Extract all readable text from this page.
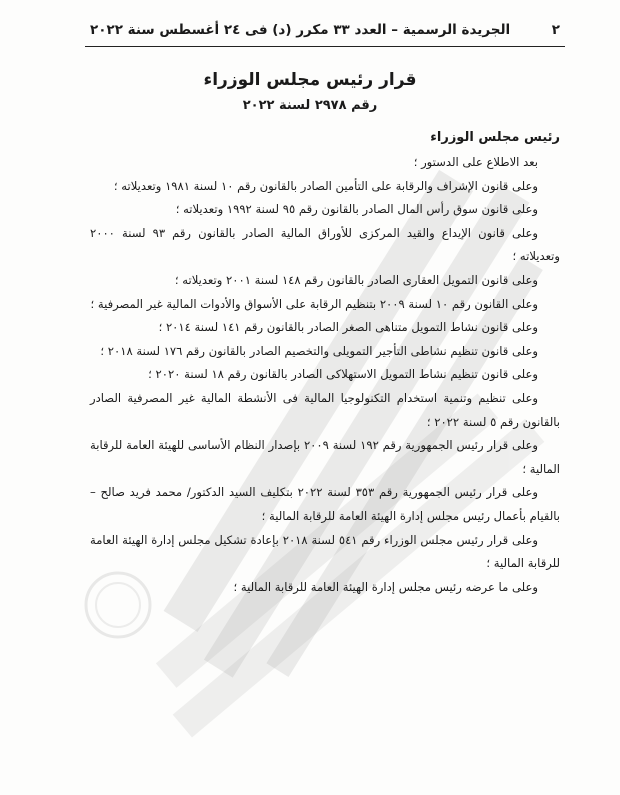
٢
الجريدة الرسمية – العدد ٣٣ مكرر (د) فى ٢٤ أغسطس سنة ٢٠٢٢
قرار رئيس مجلس الوزراء
رقم ٢٩٧٨ لسنة ٢٠٢٢
رئيس مجلس الوزراء

بعد الاطلاع على الدستور ؛

وعلى قانون الإشراف والرقابة على التأمين الصادر بالقانون رقم ١٠ لسنة ١٩٨١ وتعديلاته ؛

وعلى قانون سوق رأس المال الصادر بالقانون رقم ٩٥ لسنة ١٩٩٢ وتعديلاته ؛

وعلى قانون الإيداع والقيد المركزى للأوراق المالية الصادر بالقانون رقم ٩٣ لسنة ٢٠٠٠ وتعديلاته ؛

وعلى قانون التمويل العقارى الصادر بالقانون رقم ١٤٨ لسنة ٢٠٠١ وتعديلاته ؛

وعلى القانون رقم ١٠ لسنة ٢٠٠٩ بتنظيم الرقابة على الأسواق والأدوات المالية غير المصرفية ؛

وعلى قانون نشاط التمويل متناهى الصغر الصادر بالقانون رقم ١٤١ لسنة ٢٠١٤ ؛

وعلى قانون تنظيم نشاطى التأجير التمويلى والتخصيم الصادر بالقانون رقم ١٧٦ لسنة ٢٠١٨ ؛

وعلى قانون تنظيم نشاط التمويل الاستهلاكى الصادر بالقانون رقم ١٨ لسنة ٢٠٢٠ ؛

وعلى تنظيم وتنمية استخدام التكنولوجيا المالية فى الأنشطة المالية غير المصرفية الصادر بالقانون رقم ٥ لسنة ٢٠٢٢ ؛

وعلى قرار رئيس الجمهورية رقم ١٩٢ لسنة ٢٠٠٩ بإصدار النظام الأساسى للهيئة العامة للرقابة المالية ؛

وعلى قرار رئيس الجمهورية رقم ٣٥٣ لسنة ٢٠٢٢ بتكليف السيد الدكتور/ محمد فريد صالح – بالقيام بأعمال رئيس مجلس إدارة الهيئة العامة للرقابة المالية ؛

وعلى قرار رئيس مجلس الوزراء رقم ٥٤١ لسنة ٢٠١٨ بإعادة تشكيل مجلس إدارة الهيئة العامة للرقابة المالية ؛

وعلى ما عرضه رئيس مجلس إدارة الهيئة العامة للرقابة المالية ؛
